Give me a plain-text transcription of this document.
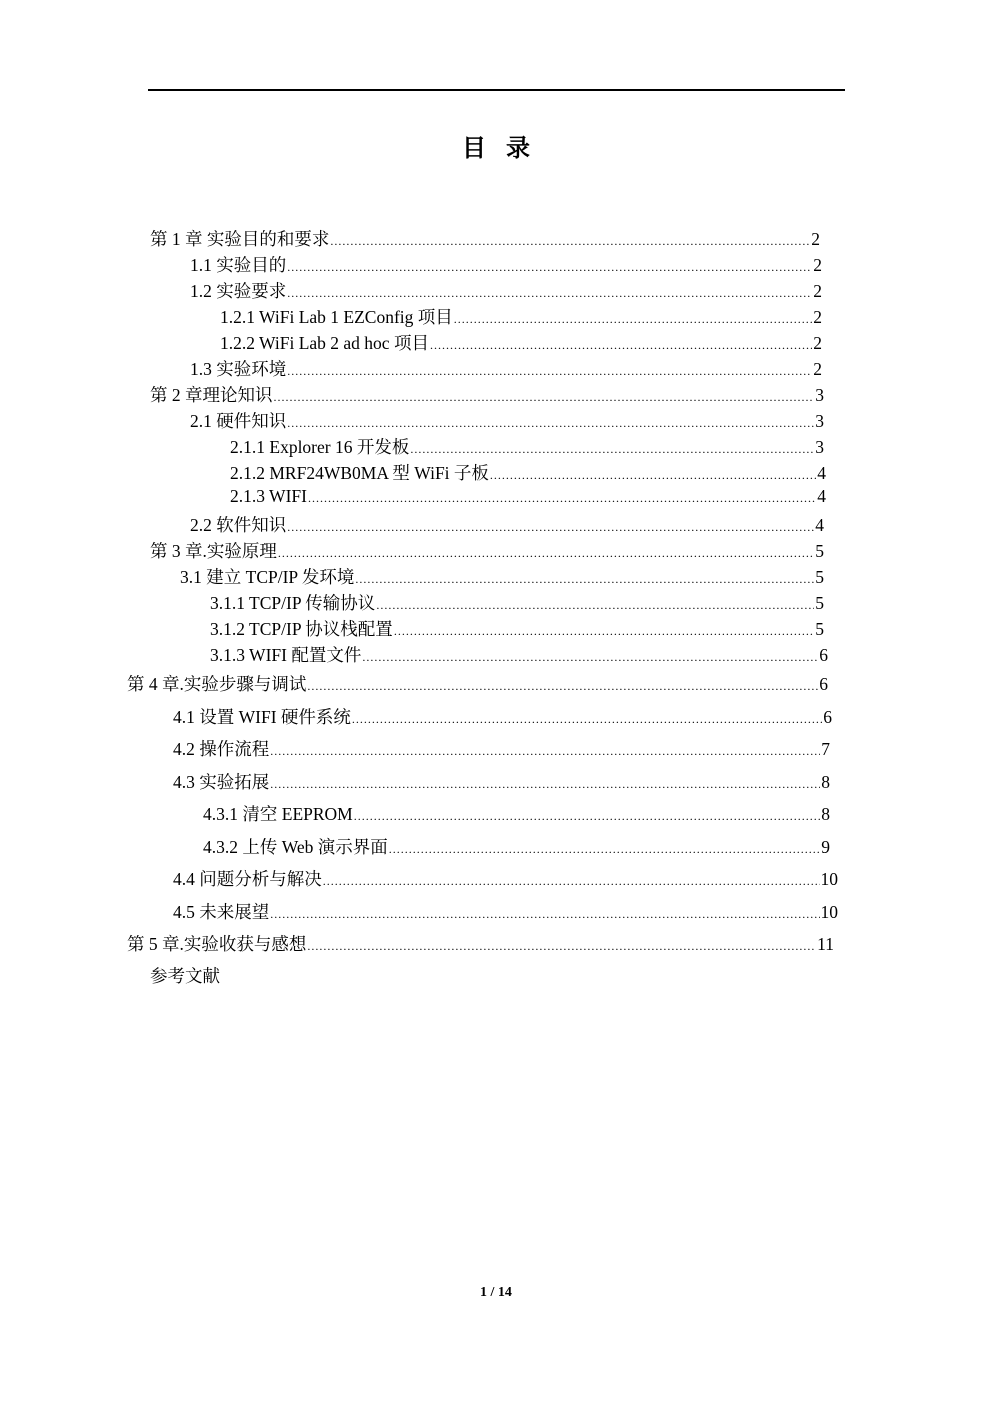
目录
第 1 章 实验目的和要求 .....	2
1.1 实验目的 .....	2
1.2 实验要求 .....	2
1.2.1 WiFi Lab 1 EZConfig 项目 .....	2
1.2.2 WiFi Lab 2 ad hoc 项目 .....	2
1.3 实验环境 .....	2
第 2 章理论知识 .....	3
2.1 硬件知识 .....	3
2.1.1 Explorer 16 开发板 .....	3
2.1.2 MRF24WB0MA 型 WiFi 子板 .....	4
2.1.3 WIFI .....	4
2.2 软件知识 .....	4
第 3 章.实验原理 .....	5
3.1 建立 TCP/IP 发环境 .....	5
3.1.1 TCP/IP 传输协议 .....	5
3.1.2 TCP/IP 协议栈配置 .....	5
3.1.3 WIFI 配置文件 .....	6
第 4 章.实验步骤与调试 .....	6
4.1 设置 WIFI 硬件系统 .....	6
4.2 操作流程 .....	7
4.3 实验拓展 .....	8
4.3.1 清空 EEPROM .....	8
4.3.2 上传 Web 演示界面 .....	9
4.4 问题分析与解决 .....	10
4.5 未来展望 .....	10
第 5 章.实验收获与感想 .....	11
参考文献
1 / 14
